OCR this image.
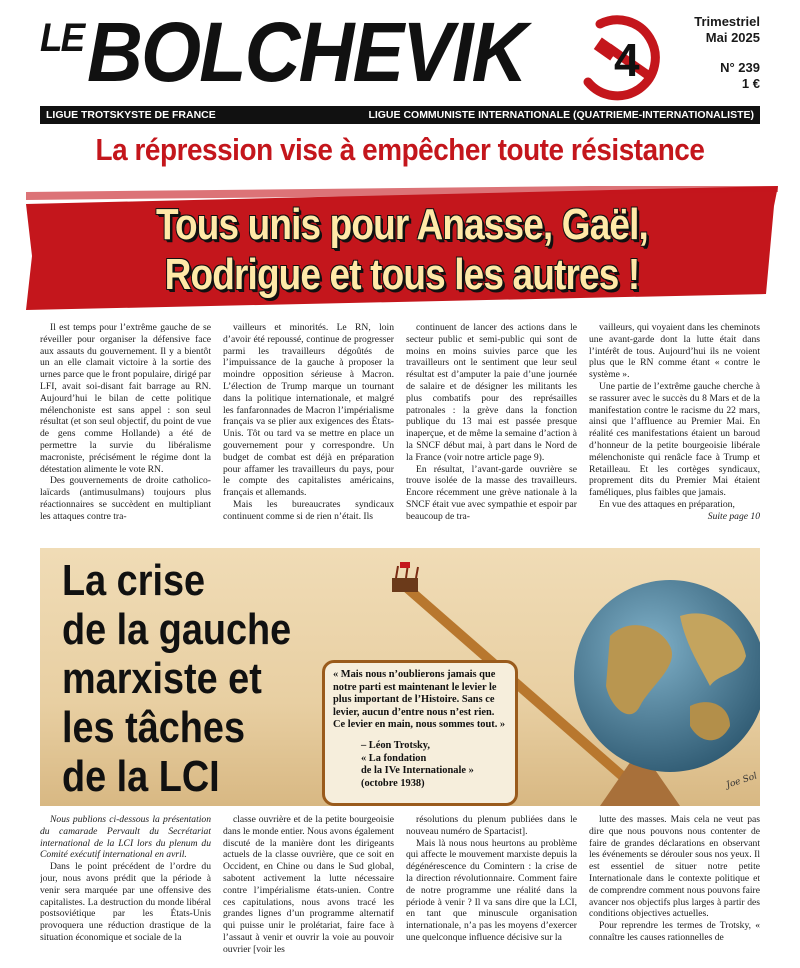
$^{LE}$BOLCHEVIK 4
Trimestriel
Mai 2025
N° 239
1 €
LIGUE TROTSKYSTE DE FRANCE	LIGUE COMMUNISTE INTERNATIONALE (QUATRIEME-INTERNATIONALISTE)
La répression vise à empêcher toute résistance
Tous unis pour Anasse, Gaël,
Rodrigue et tous les autres !

Il est temps pour l’extrême gauche de se réveiller pour organiser la défensive face aux assauts du gouvernement. Il y a bientôt un an elle clamait victoire à la sortie des urnes parce que le front populaire, dirigé par LFI, avait soi-disant fait barrage au RN. Aujourd’hui le bilan de cette politique mélenchoniste est sans appel : son seul résultat (et son seul objectif, du point de vue de gens comme Hollande) a été de permettre la survie du libéralisme macroniste, précisément le régime dont la détestation alimente le vote RN.

Des gouvernements de droite catholico-laïcards (antimusulmans) toujours plus réactionnaires se succèdent en multipliant les attaques contre tra-

vailleurs et minorités. Le RN, loin d’avoir été repoussé, continue de progresser parmi les travailleurs dégoûtés de l’impuissance de la gauche à proposer la moindre opposition sérieuse à Macron. L’élection de Trump marque un tournant dans la politique internationale, et malgré les fanfaronnades de Macron l’impérialisme français va se plier aux exigences des États-Unis. Tôt ou tard va se mettre en place un gouvernement pour y correspondre. Un budget de combat est déjà en préparation pour affamer les travailleurs du pays, pour le compte des capitalistes américains, français et allemands.

Mais les bureaucrates syndicaux continuent comme si de rien n’était. Ils

continuent de lancer des actions dans le secteur public et semi-public qui sont de moins en moins suivies parce que les travailleurs ont le sentiment que leur seul résultat est d’amputer la paie d’une journée de salaire et de désigner les militants les plus combatifs pour des représailles patronales : la grève dans la fonction publique du 13 mai est passée presque inaperçue, et de même la semaine d’action à la SNCF début mai, à part dans le Nord de la France (voir notre article page 9).

En résultat, l’avant-garde ouvrière se trouve isolée de la masse des travailleurs. Encore récemment une grève nationale à la SNCF était vue avec sympathie et espoir par beaucoup de tra-

vailleurs, qui voyaient dans les cheminots une avant-garde dont la lutte était dans l’intérêt de tous. Aujourd’hui ils ne voient plus que le RN comme étant « contre le système ».

Une partie de l’extrême gauche cherche à se rassurer avec le succès du 8 Mars et de la manifestation contre le racisme du 22 mars, ainsi que l’affluence au Premier Mai. En réalité ces manifestations étaient un baroud d’honneur de la petite bourgeoisie libérale mélenchoniste qui renâcle face à Trump et Retailleau. Et les cortèges syndicaux, proprement dits du Premier Mai étaient faméliques, plus faibles que jamais.

En vue des attaques en préparation,

Suite page 10
La crise
de la gauche
marxiste et
les tâches
de la LCI
« Mais nous n’oublierons jamais que notre parti est maintenant le levier le plus important de l’Histoire. Sans ce levier, aucun d’entre nous n’est rien. Ce levier en main, nous sommes tout. »
– Léon Trotsky,
« La fondation
de la IVe Internationale »
(octobre 1938)	Joe Sol

Nous publions ci-dessous la présentation du camarade Pervault du Secrétariat international de la LCI lors du plenum du Comité exécutif international en avril.

Dans le point précédent de l’ordre du jour, nous avons prédit que la période à venir sera marquée par une offensive des capitalistes. La destruction du monde libéral postsoviétique par les États-Unis provoquera une réduction drastique de la situation économique et sociale de la

classe ouvrière et de la petite bourgeoisie dans le monde entier. Nous avons également discuté de la manière dont les dirigeants actuels de la classe ouvrière, que ce soit en Occident, en Chine ou dans le Sud global, sabotent activement la lutte nécessaire contre l’impérialisme états-unien. Contre ces capitulations, nous avons tracé les grandes lignes d’un programme alternatif qui puisse unir le prolétariat, faire face à l’assaut à venir et ouvrir la voie au pouvoir ouvrier [voir les

résolutions du plenum publiées dans le nouveau numéro de Spartacist].

Mais là nous nous heurtons au problème qui affecte le mouvement marxiste depuis la dégénérescence du Comintern : la crise de la direction révolutionnaire. Comment faire de notre programme une réalité dans la période à venir ? Il va sans dire que la LCI, en tant que minuscule organisation internationale, n’a pas les moyens d’exercer une quelconque influence décisive sur la

lutte des masses. Mais cela ne veut pas dire que nous pouvons nous contenter de faire de grandes déclarations en observant les événements se dérouler sous nos yeux. Il est essentiel de situer notre petite Internationale dans le contexte politique et de comprendre comment nous pouvons faire avancer nos objectifs plus larges à partir des conditions objectives actuelles.

Pour reprendre les termes de Trotsky, « connaître les causes rationnelles de
